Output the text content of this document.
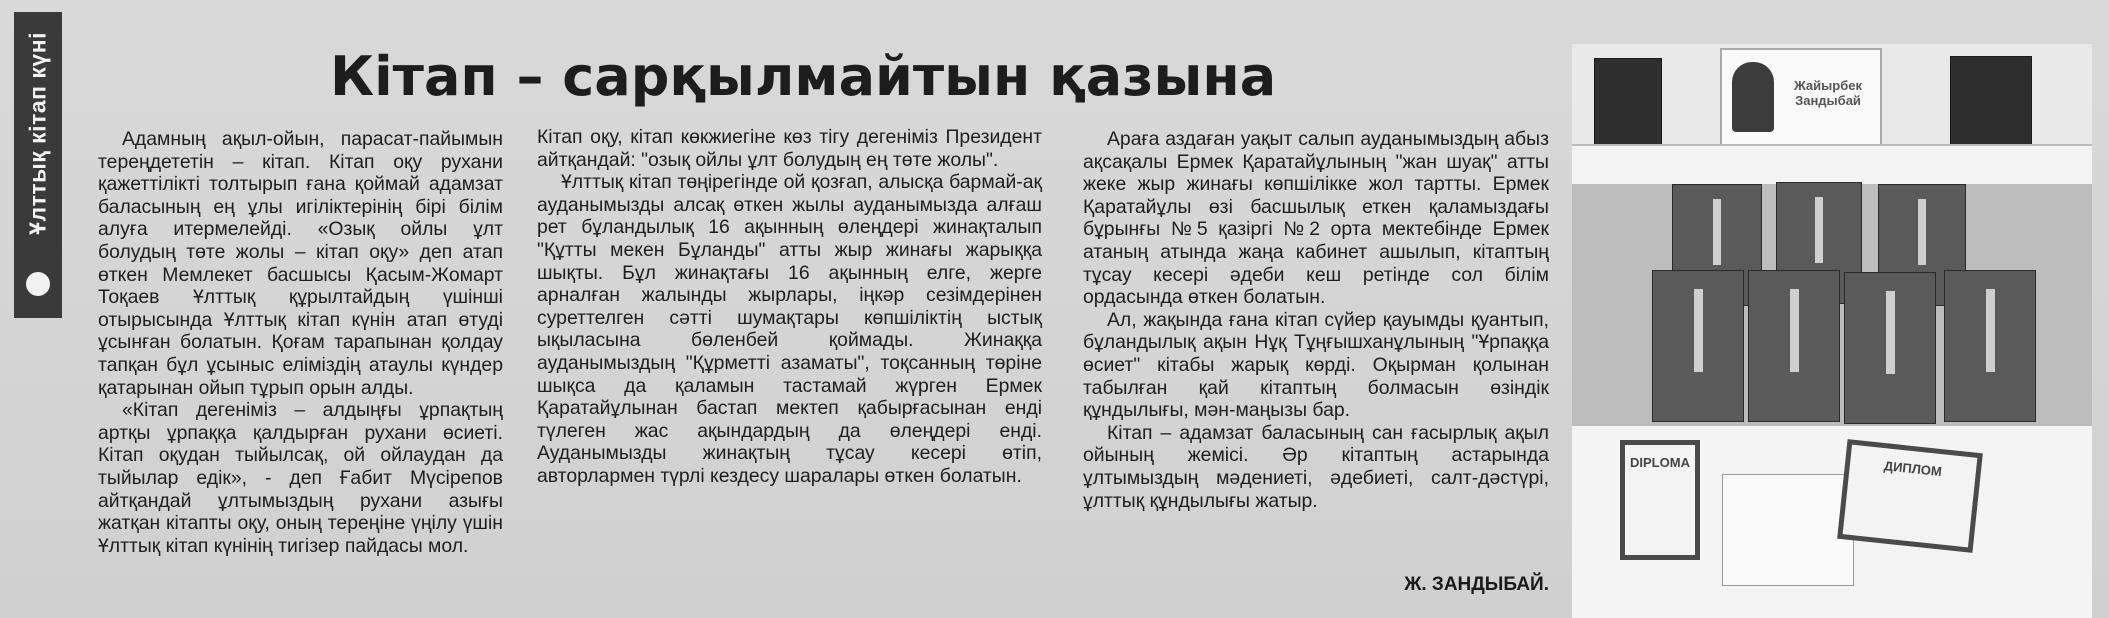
Ұлттық кітап күні	Кітап – сарқылмайтын қазына

Адамның ақыл-ойын, парасат-пайымын тереңдететін – кітап. Кітап оқу рухани қажеттілікті толтырып ғана қоймай адамзат баласының ең ұлы игіліктерінің бірі білім алуға итермелейді. «Озық ойлы ұлт болудың төте жолы – кітап оқу» деп атап өткен Мемлекет басшысы Қасым-Жомарт Тоқаев Ұлттық құрылтайдың үшінші отырысында Ұлттық кітап күнін атап өтуді ұсынған болатын. Қоғам тарапынан қолдау тапқан бұл ұсыныс еліміздің атаулы күндер қатарынан ойып тұрып орын алды.

«Кітап дегеніміз – алдыңғы ұрпақтың артқы ұрпаққа қалдырған рухани өсиеті. Кітап оқудан тыйылсақ, ой ойлаудан да тыйылар едік», - деп Ғабит Мүсірепов айтқандай ұлтымыздың рухани азығы жатқан кітапты оқу, оның тереңіне үңілу үшін Ұлттық кітап күнінің тигізер пайдасы мол.

Кітап оқу, кітап көкжиегіне көз тігу дегеніміз Президент айтқандай: "озық ойлы ұлт болудың ең төте жолы".

Ұлттық кітап төңірегінде ой қозғап, алысқа бармай-ақ ауданымызды алсақ өткен жылы ауданымызда алғаш рет бұландылық 16 ақынның өлеңдері жинақталып "Құтты мекен Бұланды" атты жыр жинағы жарыққа шықты. Бұл жинақтағы 16 ақынның елге, жерге арналған жалынды жырлары, іңкәр сезімдерінен суреттелген сәтті шумақтары көпшіліктің ыстық ықыласына бөленбей қоймады. Жинаққа ауданымыздың "Құрметті азаматы", тоқсанның төріне шықса да қаламын тастамай жүрген Ермек Қаратайұлынан бастап мектеп қабырғасынан енді түлеген жас ақындардың да өлеңдері енді. Ауданымызды жинақтың тұсау кесері өтіп, авторлармен түрлі кездесу шаралары өткен болатын.

Араға аздаған уақыт салып ауданымыздың абыз ақсақалы Ермек Қаратайұлының "жан шуақ" атты жеке жыр жинағы көпшілікке жол тартты. Ермек Қаратайұлы өзі басшылық еткен қаламыздағы бұрынғы №5 қазіргі №2 орта мектебінде Ермек атаның атында жаңа кабинет ашылып, кітаптың тұсау кесері әдеби кеш ретінде сол білім ордасында өткен болатын.

Ал, жақында ғана кітап сүйер қауымды қуантып, бұландылық ақын Нұқ Тұңғышханұлының "Ұрпаққа өсиет" кітабы жарық көрді. Оқырман қолынан табылған қай кітаптың болмасын өзіндік құндылығы, мән-маңызы бар.

Кітап – адамзат баласының сан ғасырлық ақыл ойының жемісі. Әр кітаптың астарында ұлтымыздың мәдениеті, әдебиеті, салт-дәстүрі, ұлттық құндылығы жатыр.

Ж. ЗАНДЫБАЙ.
Жайырбек Зандыбай
DIPLOMA	ДИПЛОМ
